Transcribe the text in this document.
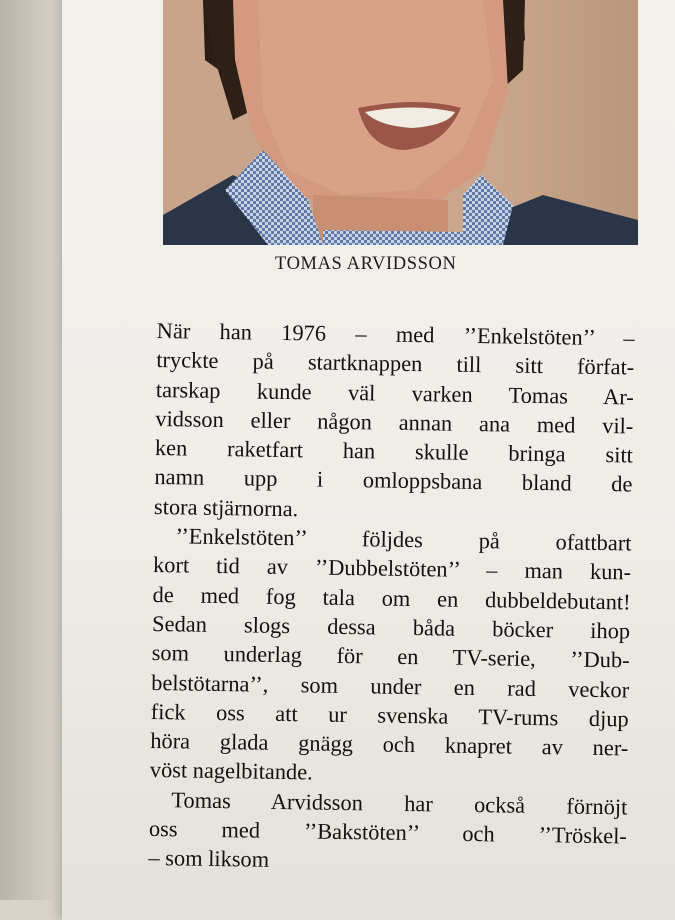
TOMAS ARVIDSSON

När han 1976 – med ’’Enkelstöten’’ –
tryckte på startknappen till sitt förfat-
tarskap kunde väl varken Tomas Ar-
vidsson eller någon annan ana med vil-
ken raketfart han skulle bringa sitt
namn upp i omloppsbana bland de
stora stjärnorna.

’’Enkelstöten’’ följdes på ofattbart
kort tid av ’’Dubbelstöten’’ – man kun-
de med fog tala om en dubbeldebutant!
Sedan slogs dessa båda böcker ihop
som underlag för en TV-serie, ’’Dub-
belstötarna’’, som under en rad veckor
fick oss att ur svenska TV-rums djup
höra glada gnägg och knapret av ner-
vöst nagelbitande.

Tomas Arvidsson har också förnöjt
oss med ’’Bakstöten’’ och ’’Tröskel-
– som liksom
